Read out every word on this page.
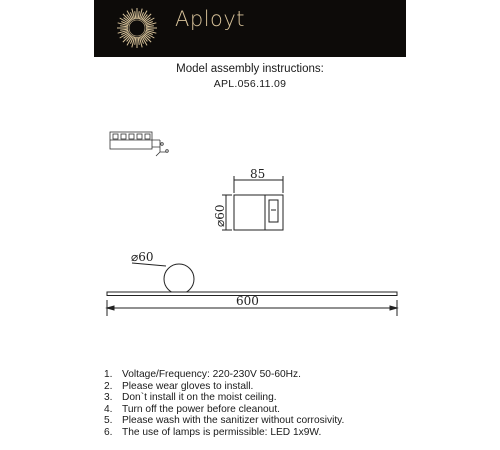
85
⌀60
⌀60
600
Aployt
Model assembly instructions:
APL.056.11.09
1. Voltage/Frequency: 220-230V 50-60Hz.
2. Please wear gloves to install.
3. Don`t install it on the moist ceiling.
4. Turn off the power before cleanout.
5. Please wash with the sanitizer without corrosivity.
6. The use of lamps is permissible: LED 1x9W.
